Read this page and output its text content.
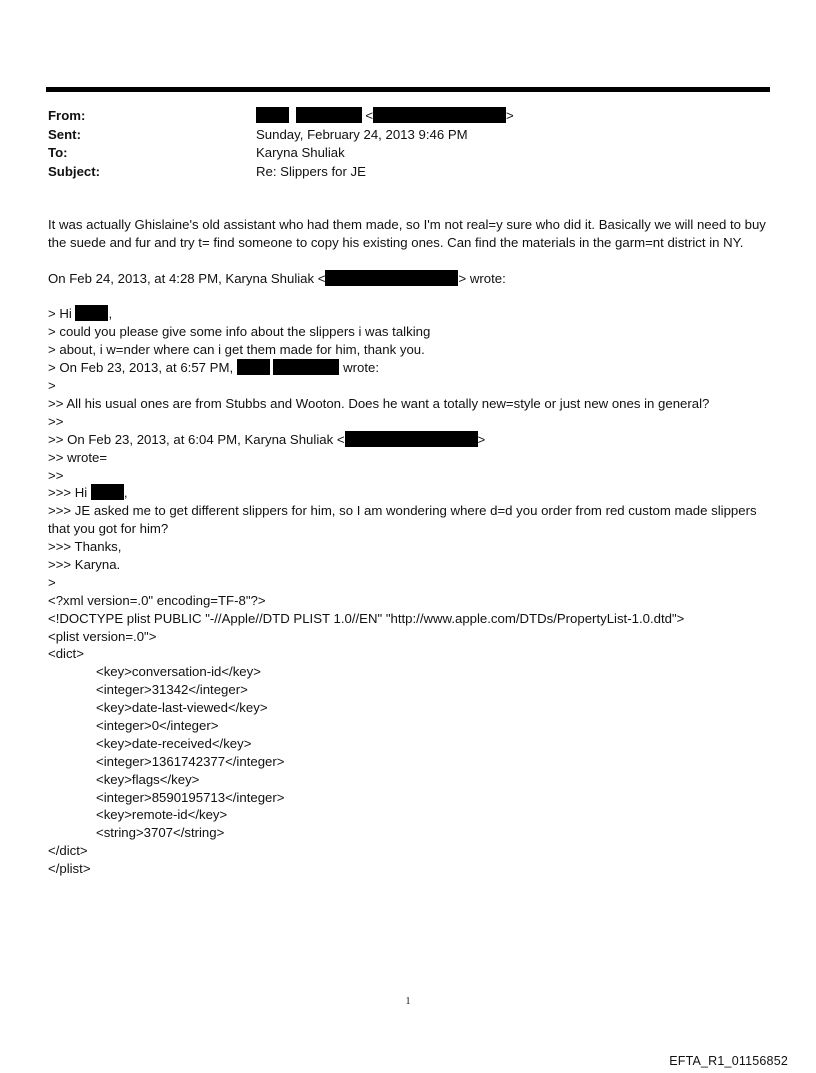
From:	<	>
Sent:	Sunday, February 24, 2013 9:46 PM
To:	Karyna Shuliak
Subject:	Re: Slippers for JE
It was actually Ghislaine's old assistant who had them made, so I'm not real=y sure who did it. Basically we will need to buy the suede and fur and try t= find someone to copy his existing ones. Can find the materials in the garm=nt district in NY.
On Feb 24, 2013, at 4:28 PM, Karyna Shuliak <	> wrote:
> Hi	,
> could you please give some info about the slippers i was talking
> about, i w=nder where can i get them made for him, thank you.
> On Feb 23, 2013, at 6:57 PM,	wrote:
>
>> All his usual ones are from Stubbs and Wooton. Does he want a totally new=style or just new ones in general?
>>
>> On Feb 23, 2013, at 6:04 PM, Karyna Shuliak <	>
>> wrote=
>>
>>> Hi	,
>>> JE asked me to get different slippers for him, so I am wondering where d=d you order from red custom made slippers that you got for him?
>>> Thanks,
>>> Karyna.
>
<?xml version=.0" encoding=TF-8"?>
<!DOCTYPE plist PUBLIC "-//Apple//DTD PLIST 1.0//EN" "http://www.apple.com/DTDs/PropertyList-1.0.dtd">
<plist version=.0">
<dict>
<key>conversation-id</key>
<integer>31342</integer>
<key>date-last-viewed</key>
<integer>0</integer>
<key>date-received</key>
<integer>1361742377</integer>
<key>flags</key>
<integer>8590195713</integer>
<key>remote-id</key>
<string>3707</string>
</dict>
</plist>
1
EFTA_R1_01156852
